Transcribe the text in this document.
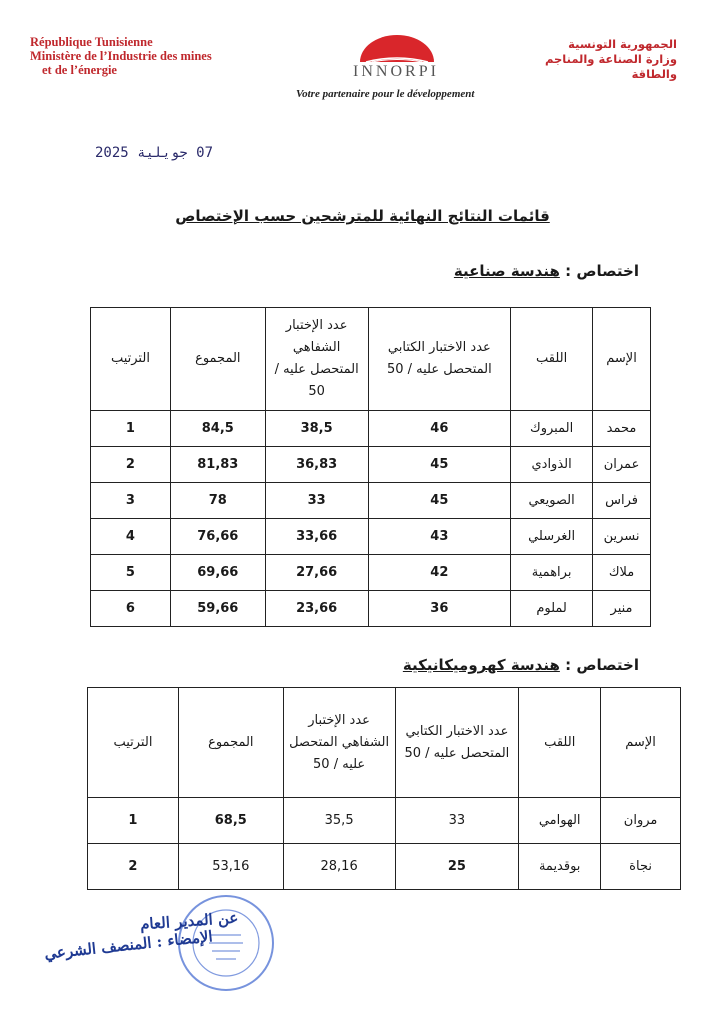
République Tunisienne
Ministère de l’Industrie des mines
et de l’énergie	INNORPI
Votre partenaire pour le développement
الجمهورية التونسية
وزارة الصناعة والمناجم
والطاقة
07 جويلية 2025
قائمات النتائج النهائية للمترشحين حسب الإختصاص
اختصاص : هندسة صناعية
الإسم	اللقب	عدد الاختبار الكتابي المتحصل عليه / 50	عدد الإختبار الشفاهي المتحصل عليه / 50	المجموع	الترتيب
محمد	المبروك	46	38,5	84,5	1
عمران	الذوادي	45	36,83	81,83	2
فراس	الصويعي	45	33	78	3
نسرين	الغرسلي	43	33,66	76,66	4
ملاك	براهمية	42	27,66	69,66	5
منير	لملوم	36	23,66	59,66	6
اختصاص : هندسة كهروميكانيكية
الإسم	اللقب	عدد الاختبار الكتابي المتحصل عليه / 50	عدد الإختبار الشفاهي المتحصل عليه / 50	المجموع	الترتيب
مروان	الهوامي	33	35,5	68,5	1
نجاة	بوقديمة	25	28,16	53,16	2
عن المدير العام
الإمضاء : المنصف الشرعي
